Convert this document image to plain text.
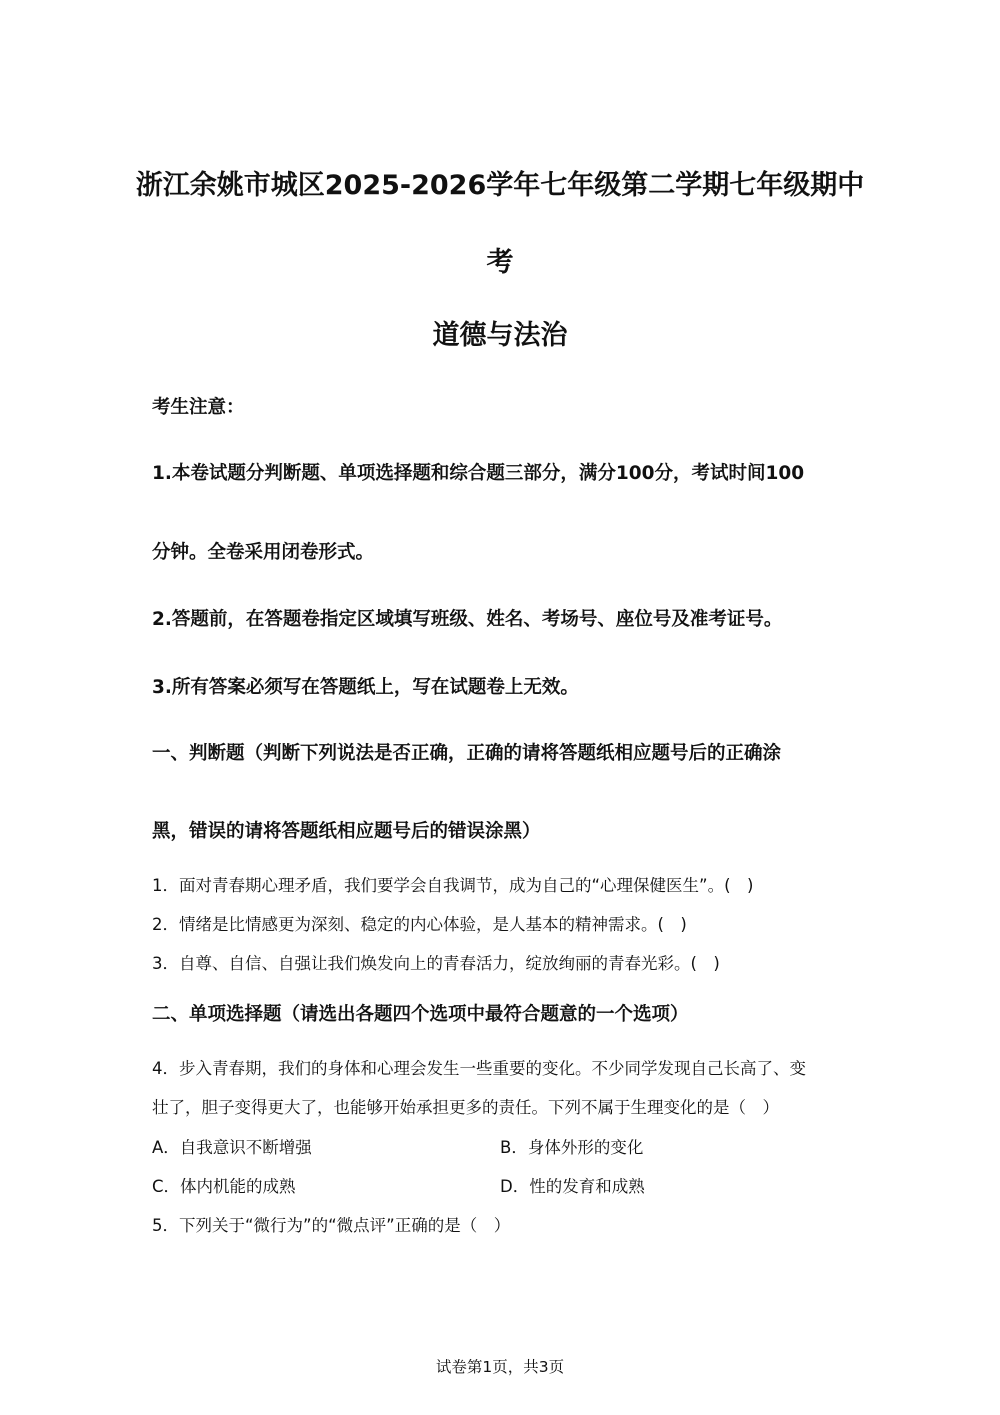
浙江余姚市城区2025-2026学年七年级第二学期七年级期中
考
道德与法治
考生注意：
1.本卷试题分判断题、单项选择题和综合题三部分，满分100分，考试时间100
分钟。全卷采用闭卷形式。
2.答题前，在答题卷指定区域填写班级、姓名、考场号、座位号及准考证号。
3.所有答案必须写在答题纸上，写在试题卷上无效。
一、判断题（判断下列说法是否正确，正确的请将答题纸相应题号后的正确涂
黑，错误的请将答题纸相应题号后的错误涂黑）
1．面对青春期心理矛盾，我们要学会自我调节，成为自己的“心理保健医生”。(　)
2．情绪是比情感更为深刻、稳定的内心体验，是人基本的精神需求。(　)
3．自尊、自信、自强让我们焕发向上的青春活力，绽放绚丽的青春光彩。(　)
二、单项选择题（请选出各题四个选项中最符合题意的一个选项）
4．步入青春期，我们的身体和心理会发生一些重要的变化。不少同学发现自己长高了、变
壮了，胆子变得更大了，也能够开始承担更多的责任。下列不属于生理变化的是（　）
A．自我意识不断增强	B．身体外形的变化
C．体内机能的成熟	D．性的发育和成熟
5．下列关于“微行为”的“微点评”正确的是（　）
试卷第1页，共3页
